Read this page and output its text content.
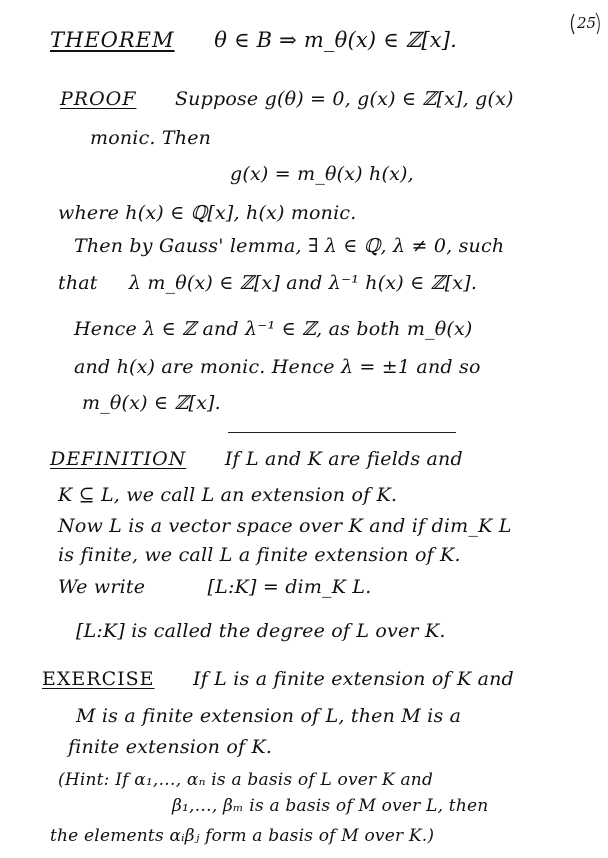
25
THEOREM θ ∈ B ⇒ m_θ(x) ∈ ℤ[x].
PROOF Suppose g(θ) = 0, g(x) ∈ ℤ[x], g(x)
monic. Then
g(x) = m_θ(x) h(x),
where h(x) ∈ ℚ[x], h(x) monic.
Then by Gauss' lemma, ∃ λ ∈ ℚ, λ ≠ 0, such
that     λ m_θ(x) ∈ ℤ[x] and λ⁻¹ h(x) ∈ ℤ[x].
Hence λ ∈ ℤ and λ⁻¹ ∈ ℤ, as both m_θ(x)
and h(x) are monic. Hence λ = ±1 and so
m_θ(x) ∈ ℤ[x].
DEFINITION If L and K are fields and
K ⊆ L, we call L an extension of K.
Now L is a vector space over K and if dim_K L
is finite, we call L a finite extension of K.
We write          [L:K] = dim_K L.
[L:K] is called the degree of L over K.
EXERCISE If L is a finite extension of K and
M is a finite extension of L, then M is a
finite extension of K.
(Hint: If α₁,…, αₙ is a basis of L over K and
β₁,…, βₘ is a basis of M over L, then
the elements αᵢβⱼ form a basis of M over K.)
